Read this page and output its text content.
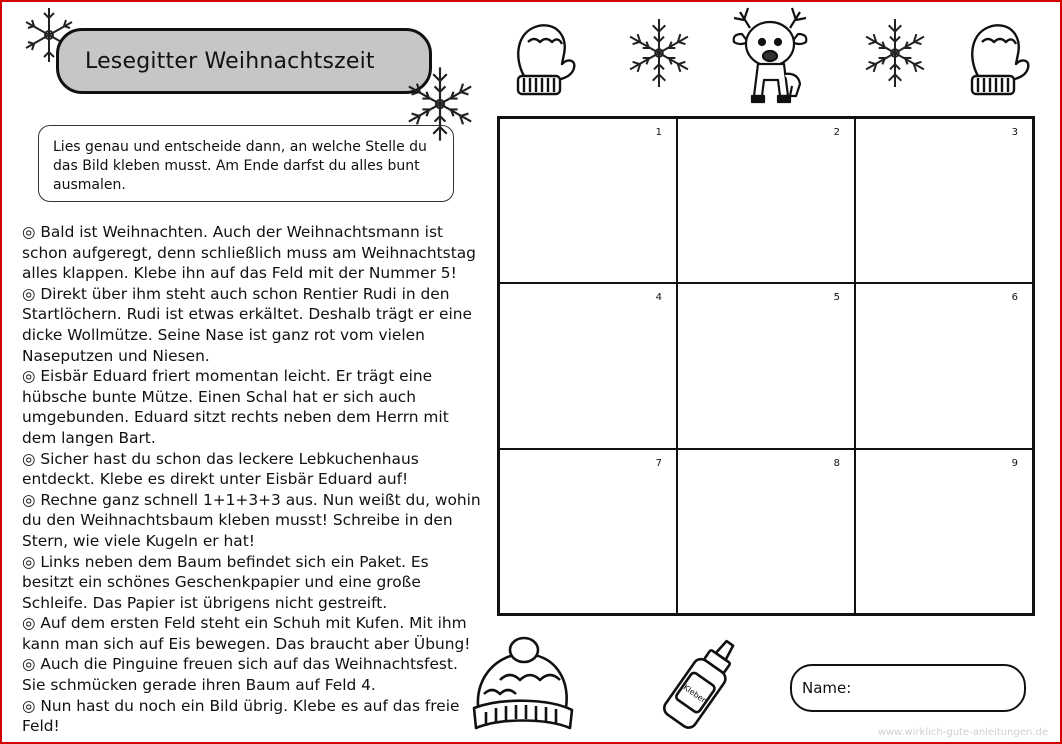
Lesegitter Weihnachtszeit
Lies genau und entscheide dann, an welche Stelle du das Bild kleben musst. Am Ende darfst du alles bunt ausmalen.
◎ Bald ist Weihnachten. Auch der Weihnachtsmann ist schon aufgeregt, denn schließlich muss am Weihnachtstag alles klappen. Klebe ihn auf das Feld mit der Nummer 5!
◎ Direkt über ihm steht auch schon Rentier Rudi in den Startlöchern. Rudi ist etwas erkältet. Deshalb trägt er eine dicke Wollmütze. Seine Nase ist ganz rot vom vielen Naseputzen und Niesen.
◎ Eisbär Eduard friert momentan leicht. Er trägt eine hübsche bunte Mütze. Einen Schal hat er sich auch umgebunden. Eduard sitzt rechts neben dem Herrn mit dem langen Bart.
◎ Sicher hast du schon das leckere Lebkuchenhaus entdeckt. Klebe es direkt unter Eisbär Eduard auf!
◎ Rechne ganz schnell 1+1+3+3 aus. Nun weißt du, wohin du den Weihnachtsbaum kleben musst! Schreibe in den Stern, wie viele Kugeln er hat!
◎ Links neben dem Baum befindet sich ein Paket. Es besitzt ein schönes Geschenkpapier und eine große Schleife. Das Papier ist übrigens nicht gestreift.
◎ Auf dem ersten Feld steht ein Schuh mit Kufen. Mit ihm kann man sich auf Eis bewegen. Das braucht aber Übung!
◎ Auch die Pinguine freuen sich auf das Weihnachtsfest. Sie schmücken gerade ihren Baum auf Feld 4.
◎ Nun hast du noch ein Bild übrig. Klebe es auf das freie Feld!
1	2	3
4	5	6
7	8	9
Kleber	Name:
www.wirklich-gute-anleitungen.de
